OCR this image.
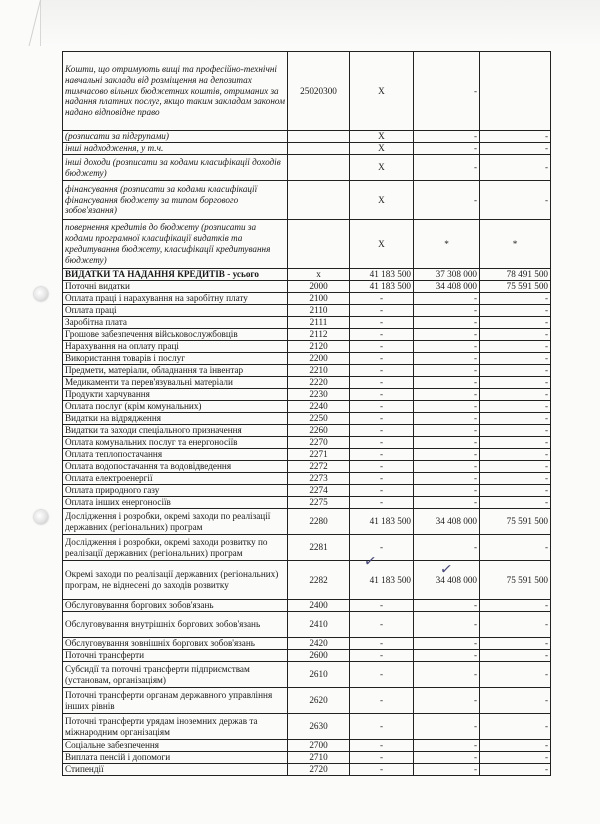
Кошти, що отримують вищі та професійно-технічні навчальні заклади від розміщення на депозитах тимчасово вільних бюджетних коштів, отриманих за надання платних послуг, якщо таким закладам законом надано відповідне право	25020300	Х	-	
(розписати за підгрупами)		Х	-	-
інші надходження, у т.ч.		Х	-	-
інші доходи (розписати за кодами класифікації доходів бюджету)		Х	-	-
фінансування (розписати за кодами класифікації фінансування бюджету за типом боргового зобов'язання)		Х	-	-
повернення кредитів до бюджету (розписати за кодами програмної класифікації видатків та кредитування бюджету, класифікації кредитування бюджету)		Х	*	*
ВИДАТКИ ТА НАДАННЯ КРЕДИТІВ - усього	х	41 183 500	37 308 000	78 491 500
Поточні видатки	2000	41 183 500	34 408 000	75 591 500
Оплата праці і нарахування на заробітну плату	2100	-	-	-
Оплата праці	2110	-	-	-
Заробітна плата	2111	-	-	-
Грошове забезпечення військовослужбовців	2112	-	-	-
Нарахування на оплату праці	2120	-	-	-
Використання товарів і послуг	2200	-	-	-
Предмети, матеріали, обладнання та інвентар	2210	-	-	-
Медикаменти та перев'язувальні матеріали	2220	-	-	-
Продукти харчування	2230	-	-	-
Оплата послуг (крім комунальних)	2240	-	-	-
Видатки на відрядження	2250	-	-	-
Видатки та заходи спеціального призначення	2260	-	-	-
Оплата комунальних послуг та енергоносіїв	2270	-	-	-
Оплата теплопостачання	2271	-	-	-
Оплата водопостачання та водовідведення	2272	-	-	-
Оплата електроенергії	2273	-	-	-
Оплата природного газу	2274	-	-	-
Оплата інших енергоносіїв	2275	-	-	-
Дослідження і розробки, окремі заходи по реалізації державних (регіональних) програм	2280	41 183 500	34 408 000	75 591 500
Дослідження і розробки, окремі заходи розвитку по реалізації державних (регіональних) програм	2281	-	-	-
Окремі заходи по реалізації державних (регіональних) програм, не віднесені до заходів розвитку	2282	41 183 500	34 408 000	75 591 500
Обслуговування боргових зобов'язань	2400	-	-	-
Обслуговування внутрішніх боргових зобов'язань	2410	-	-	-
Обслуговування зовнішніх боргових зобов'язань	2420	-	-	-
Поточні трансферти	2600	-	-	-
Субсидії та поточні трансферти підприємствам (установам, організаціям)	2610	-	-	-
Поточні трансферти органам державного управління інших рівнів	2620	-	-	-
Поточні трансферти урядам іноземних держав та міжнародним організаціям	2630	-	-	-
Соціальне забезпечення	2700	-	-	-
Виплата пенсій і допомоги	2710	-	-	-
Стипендії	2720	-	-	-
✓	✓
